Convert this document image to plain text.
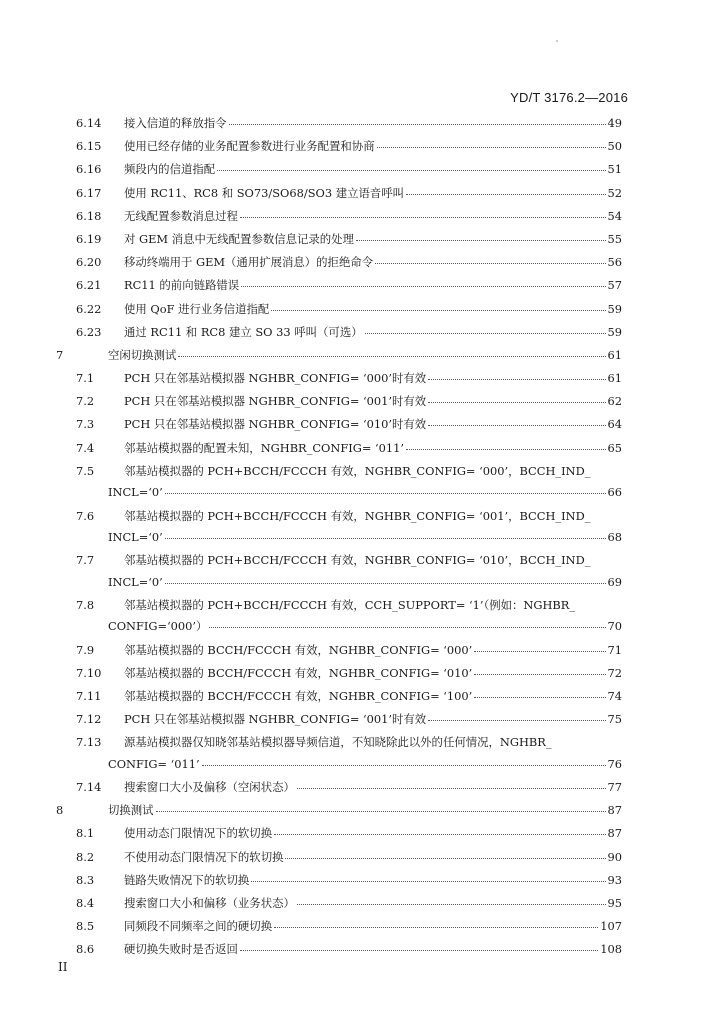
YD/T 3176.2—2016
6.14	接入信道的释放指令	49
6.15	使用已经存储的业务配置参数进行业务配置和协商	50
6.16	频段内的信道指配	51
6.17	使用 RC11、RC8 和 SO73/SO68/SO3 建立语音呼叫	52
6.18	无线配置参数消息过程	54
6.19	对 GEM 消息中无线配置参数信息记录的处理	55
6.20	移动终端用于 GEM（通用扩展消息）的拒绝命令	56
6.21	RC11 的前向链路错误	57
6.22	使用 QoF 进行业务信道指配	59
6.23	通过 RC11 和 RC8 建立 SO 33 呼叫（可选）	59
7	空闲切换测试	61
7.1	PCH 只在邻基站模拟器 NGHBR_CONFIG= ‘000’时有效	61
7.2	PCH 只在邻基站模拟器 NGHBR_CONFIG= ‘001’时有效	62
7.3	PCH 只在邻基站模拟器 NGHBR_CONFIG= ‘010’时有效	64
7.4	邻基站模拟器的配置未知，NGHBR_CONFIG= ‘011’	65
7.5	邻基站模拟器的 PCH+BCCH/FCCCH 有效，NGHBR_CONFIG= ‘000’，BCCH_IND_
INCL=‘0’	66
7.6	邻基站模拟器的 PCH+BCCH/FCCCH 有效，NGHBR_CONFIG= ‘001’，BCCH_IND_
INCL=‘0’	68
7.7	邻基站模拟器的 PCH+BCCH/FCCCH 有效，NGHBR_CONFIG= ‘010’，BCCH_IND_
INCL=‘0’	69
7.8	邻基站模拟器的 PCH+BCCH/FCCCH 有效，CCH_SUPPORT= ‘1’（例如：NGHBR_
CONFIG=‘000’）	70
7.9	邻基站模拟器的 BCCH/FCCCH 有效，NGHBR_CONFIG= ‘000’	71
7.10	邻基站模拟器的 BCCH/FCCCH 有效，NGHBR_CONFIG= ‘010’	72
7.11	邻基站模拟器的 BCCH/FCCCH 有效，NGHBR_CONFIG= ‘100’	74
7.12	PCH 只在邻基站模拟器 NGHBR_CONFIG= ‘001’时有效	75
7.13	源基站模拟器仅知晓邻基站模拟器导频信道，不知晓除此以外的任何情况，NGHBR_
CONFIG= ‘011’	76
7.14	搜索窗口大小及偏移（空闲状态）	77
8	切换测试	87
8.1	使用动态门限情况下的软切换	87
8.2	不使用动态门限情况下的软切换	90
8.3	链路失败情况下的软切换	93
8.4	搜索窗口大小和偏移（业务状态）	95
8.5	同频段不同频率之间的硬切换	107
8.6	硬切换失败时是否返回	108
II
